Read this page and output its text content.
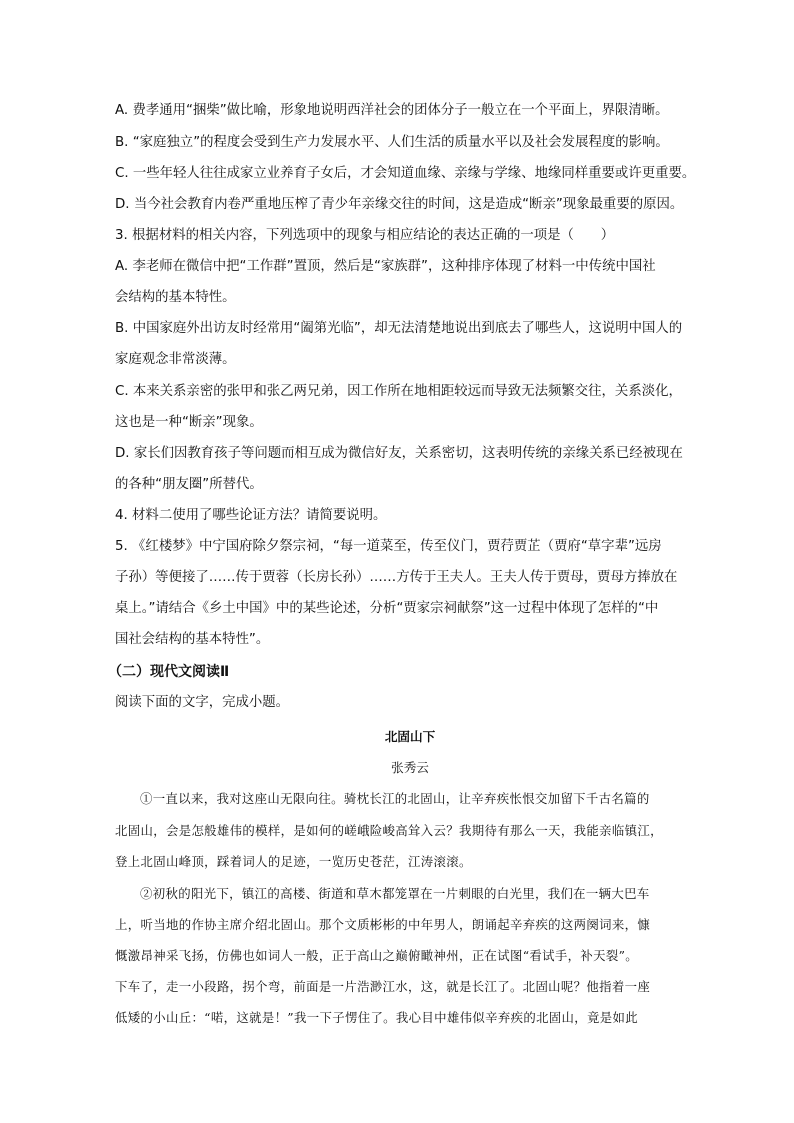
A. 费孝通用“捆柴”做比喻，形象地说明西洋社会的团体分子一般立在一个平面上，界限清晰。
B. “家庭独立”的程度会受到生产力发展水平、人们生活的质量水平以及社会发展程度的影响。
C. 一些年轻人往往成家立业养育子女后，才会知道血缘、亲缘与学缘、地缘同样重要或许更重要。
D. 当今社会教育内卷严重地压榨了青少年亲缘交往的时间，这是造成“断亲”现象最重要的原因。
3. 根据材料的相关内容，下列选项中的现象与相应结论的表达正确的一项是（　　）
A. 李老师在微信中把“工作群”置顶，然后是“家族群”，这种排序体现了材料一中传统中国社
会结构的基本特性。
B. 中国家庭外出访友时经常用“阖第光临”，却无法清楚地说出到底去了哪些人，这说明中国人的
家庭观念非常淡薄。
C. 本来关系亲密的张甲和张乙两兄弟，因工作所在地相距较远而导致无法频繁交往，关系淡化，
这也是一种“断亲”现象。
D. 家长们因教育孩子等问题而相互成为微信好友，关系密切，这表明传统的亲缘关系已经被现在
的各种“朋友圈”所替代。
4. 材料二使用了哪些论证方法？请简要说明。
5. 《红楼梦》中宁国府除夕祭宗祠，“每一道菜至，传至仪门，贾荇贾芷（贾府“草字辈”远房
子孙）等便接了……传于贾蓉（长房长孙）……方传于王夫人。王夫人传于贾母，贾母方捧放在
桌上。”请结合《乡土中国》中的某些论述，分析“贾家宗祠献祭”这一过程中体现了怎样的“中
国社会结构的基本特性”。
（二）现代文阅读Ⅱ
阅读下面的文字，完成小题。
北固山下
张秀云
①一直以来，我对这座山无限向往。骑枕长江的北固山，让辛弃疾怅恨交加留下千古名篇的
北固山，会是怎般雄伟的模样，是如何的嵯峨险峻高耸入云？我期待有那么一天，我能亲临镇江，
登上北固山峰顶，踩着词人的足迹，一览历史苍茫，江涛滚滚。
②初秋的阳光下，镇江的高楼、街道和草木都笼罩在一片刺眼的白光里，我们在一辆大巴车
上，听当地的作协主席介绍北固山。那个文质彬彬的中年男人，朗诵起辛弃疾的这两阕词来，慷
慨激昂神采飞扬，仿佛也如词人一般，正于高山之巅俯瞰神州，正在试图“看试手，补天裂”。
下车了，走一小段路，拐个弯，前面是一片浩渺江水，这，就是长江了。北固山呢？他指着一座
低矮的小山丘：“喏，这就是！”我一下子愣住了。我心目中雄伟似辛弃疾的北固山，竟是如此
